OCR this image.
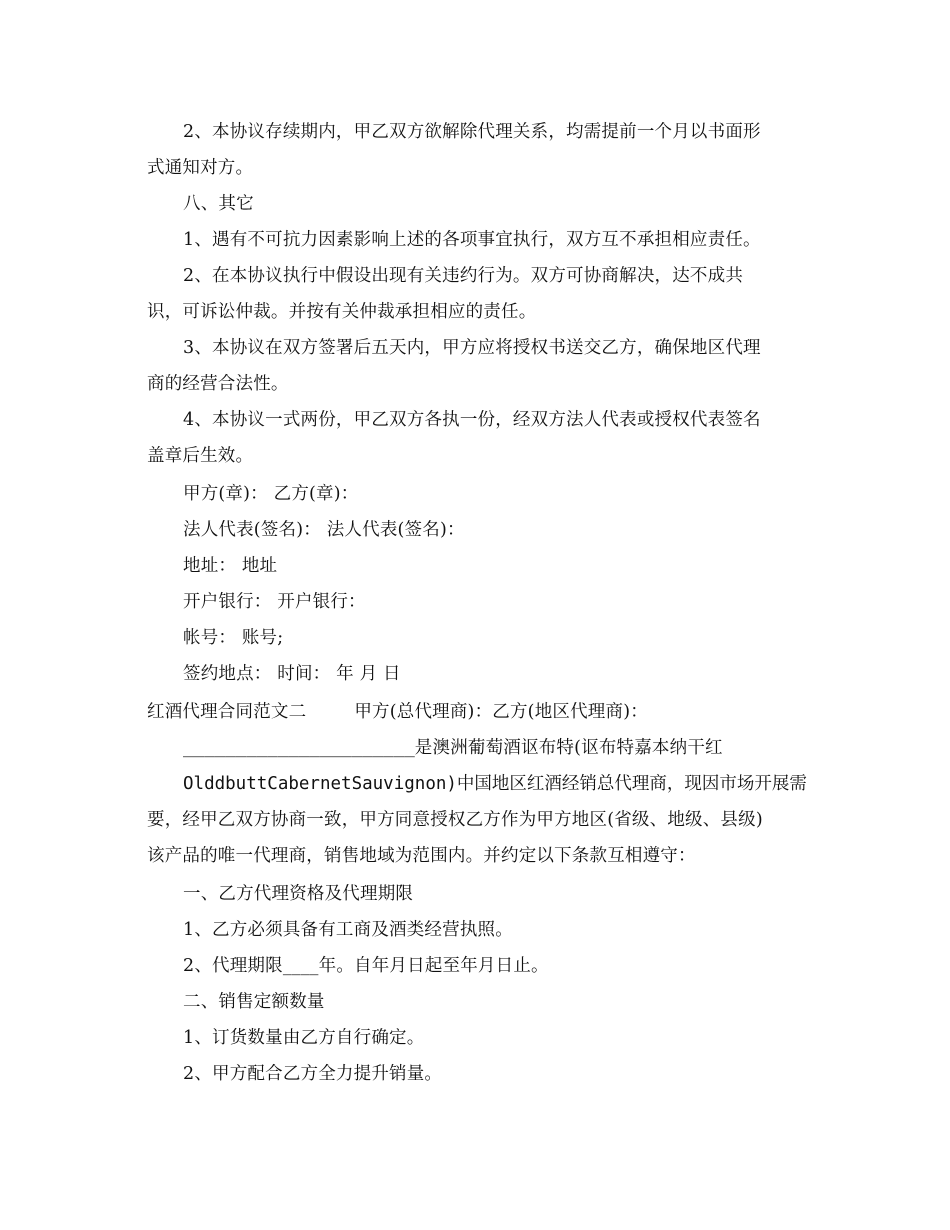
2、本协议存续期内，甲乙双方欲解除代理关系，均需提前一个月以书面形
式通知对方。
八、其它
1、遇有不可抗力因素影响上述的各项事宜执行，双方互不承担相应责任。
2、在本协议执行中假设出现有关违约行为。双方可协商解决，达不成共
识，可诉讼仲裁。并按有关仲裁承担相应的责任。
3、本协议在双方签署后五天内，甲方应将授权书送交乙方，确保地区代理
商的经营合法性。
4、本协议一式两份，甲乙双方各执一份，经双方法人代表或授权代表签名
盖章后生效。
甲方(章)： 乙方(章)：
法人代表(签名)： 法人代表(签名)：
地址： 地址
开户银行： 开户银行：
帐号： 账号;
签约地点： 时间： 年 月 日
红酒代理合同范文二	甲方(总代理商)：乙方(地区代理商)：
______________________是澳洲葡萄酒讴布特(讴布特嘉本纳干红
OlddbuttCabernetSauvignon)中国地区红酒经销总代理商，现因市场开展需
要，经甲乙双方协商一致，甲方同意授权乙方作为甲方地区(省级、地级、县级)
该产品的唯一代理商，销售地域为范围内。并约定以下条款互相遵守：
一、乙方代理资格及代理期限
1、乙方必须具备有工商及酒类经营执照。
2、代理期限____年。自年月日起至年月日止。
二、销售定额数量
1、订货数量由乙方自行确定。
2、甲方配合乙方全力提升销量。
